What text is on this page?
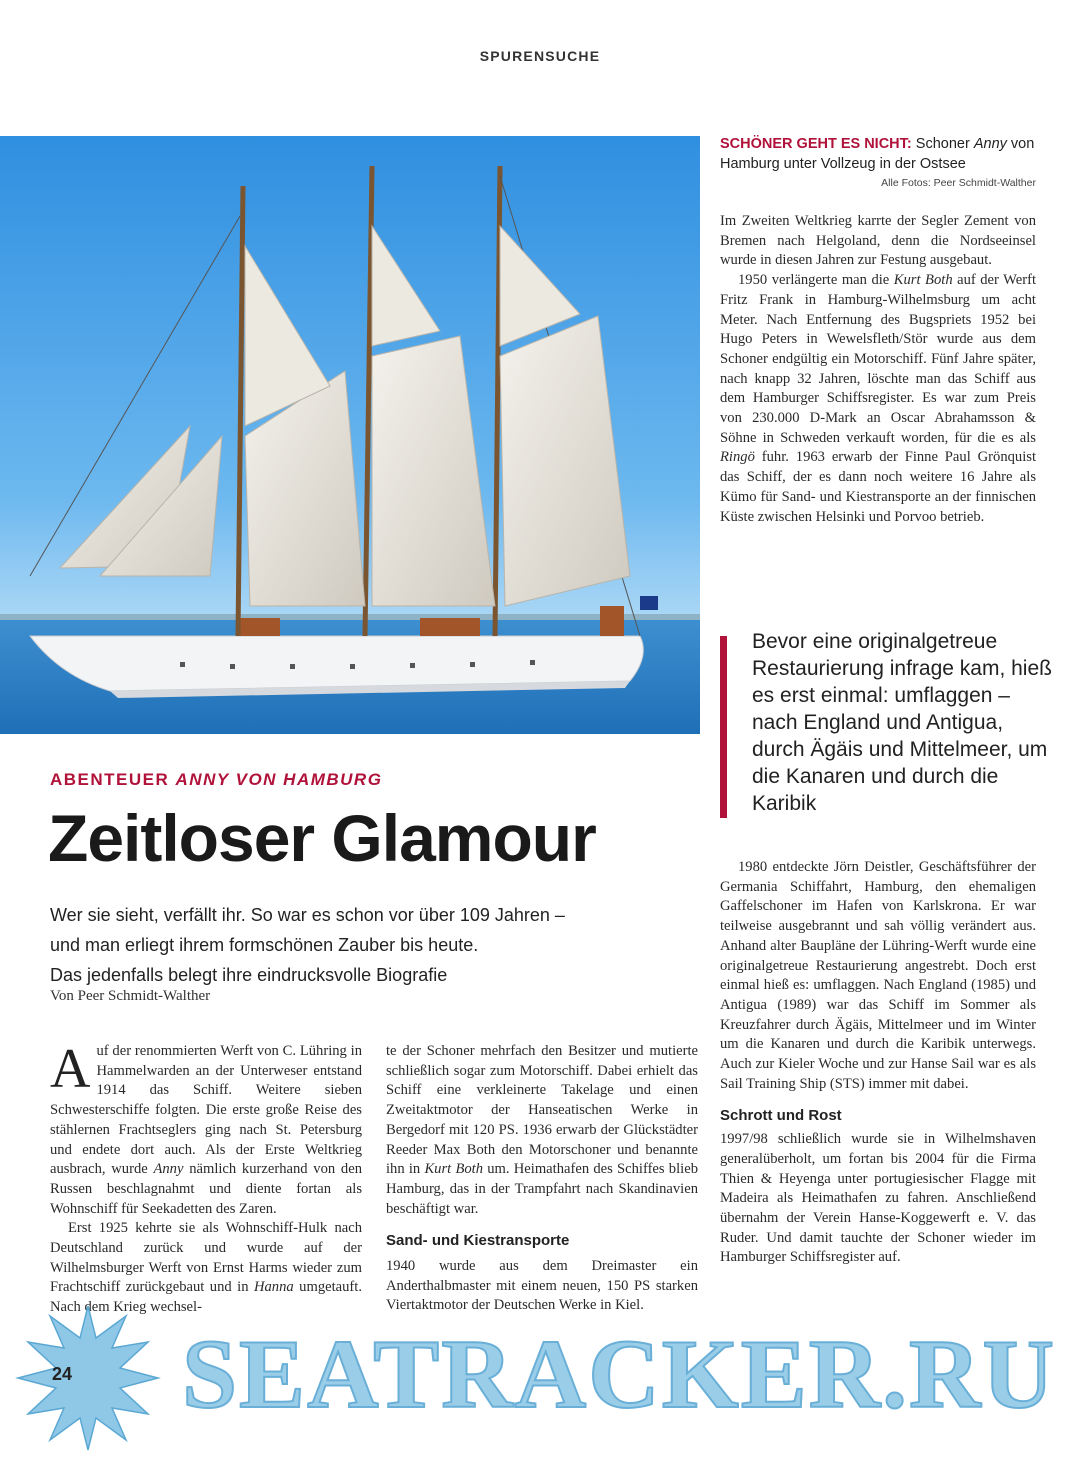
SPURENSUCHE
SCHÖNER GEHT ES NICHT: Schoner Anny von Hamburg unter Vollzeug in der Ostsee
Alle Fotos: Peer Schmidt-Walther

Im Zweiten Weltkrieg karrte der Segler Zement von Bremen nach Helgoland, denn die Nordseeinsel wurde in diesen Jahren zur Festung ausgebaut.

1950 verlängerte man die Kurt Both auf der Werft Fritz Frank in Hamburg-Wilhelmsburg um acht Meter. Nach Entfernung des Bugspriets 1952 bei Hugo Peters in Wewelsfleth/Stör wurde aus dem Schoner endgültig ein Motorschiff. Fünf Jahre später, nach knapp 32 Jahren, löschte man das Schiff aus dem Hamburger Schiffsregister. Es war zum Preis von 230.000 D-Mark an Oscar Abrahamsson & Söhne in Schweden verkauft worden, für die es als Ringö fuhr. 1963 erwarb der Finne Paul Grönquist das Schiff, der es dann noch weitere 16 Jahre als Kümo für Sand- und Kiestransporte an der finnischen Küste zwischen Helsinki und Porvoo betrieb.

Bevor eine originalgetreue Restaurierung infrage kam, hieß es erst einmal: umflaggen – nach England und Antigua, durch Ägäis und Mittelmeer, um die Kanaren und durch die Karibik

1980 entdeckte Jörn Deistler, Geschäftsführer der Germania Schiffahrt, Hamburg, den ehemaligen Gaffelschoner im Hafen von Karlskrona. Er war teilweise ausgebrannt und sah völlig verändert aus. Anhand alter Baupläne der Lühring-Werft wurde eine originalgetreue Restaurierung angestrebt. Doch erst einmal hieß es: umflaggen. Nach England (1985) und Antigua (1989) war das Schiff im Sommer als Kreuzfahrer durch Ägäis, Mittelmeer und im Winter um die Kanaren und durch die Karibik unterwegs. Auch zur Kieler Woche und zur Hanse Sail war es als Sail Training Ship (STS) immer mit dabei.

Schrott und Rost

1997/98 schließlich wurde sie in Wilhelmshaven generalüberholt, um fortan bis 2004 für die Firma Thien & Heyenga unter portugiesischer Flagge mit Madeira als Heimathafen zu fahren. Anschließend übernahm der Verein Hanse-Koggewerft e. V. das Ruder. Und damit tauchte der Schoner wieder im Hamburger Schiffsregister auf.

ABENTEUER ANNY VON HAMBURG
Zeitloser Glamour
Wer sie sieht, verfällt ihr. So war es schon vor über 109 Jahren –
und man erliegt ihrem formschönen Zauber bis heute.
Das jedenfalls belegt ihre eindrucksvolle Biografie
Von Peer Schmidt-Walther

Auf der renommierten Werft von C. Lühring in Hammelwarden an der Unterweser entstand 1914 das Schiff. Weitere sieben Schwesterschiffe folgten. Die erste große Reise des stählernen Frachtseglers ging nach St. Petersburg und endete dort auch. Als der Erste Weltkrieg ausbrach, wurde Anny nämlich kurzerhand von den Russen beschlagnahmt und diente fortan als Wohnschiff für Seekadetten des Zaren.

Erst 1925 kehrte sie als Wohnschiff-Hulk nach Deutschland zurück und wurde auf der Wilhelmsburger Werft von Ernst Harms wieder zum Frachtschiff zurückgebaut und in Hanna umgetauft. Nach dem Krieg wechsel-

te der Schoner mehrfach den Besitzer und mutierte schließlich sogar zum Motorschiff. Dabei erhielt das Schiff eine verkleinerte Takelage und einen Zweitaktmotor der Hanseatischen Werke in Bergedorf mit 120 PS. 1936 erwarb der Glückstädter Reeder Max Both den Motorschoner und benannte ihn in Kurt Both um. Heimathafen des Schiffes blieb Hamburg, das in der Trampfahrt nach Skandinavien beschäftigt war.

Sand- und Kiestransporte

1940 wurde aus dem Dreimaster ein Anderthalbmaster mit einem neuen, 150 PS starken Viertaktmotor der Deutschen Werke in Kiel.

24 SEATRACKER.RU
